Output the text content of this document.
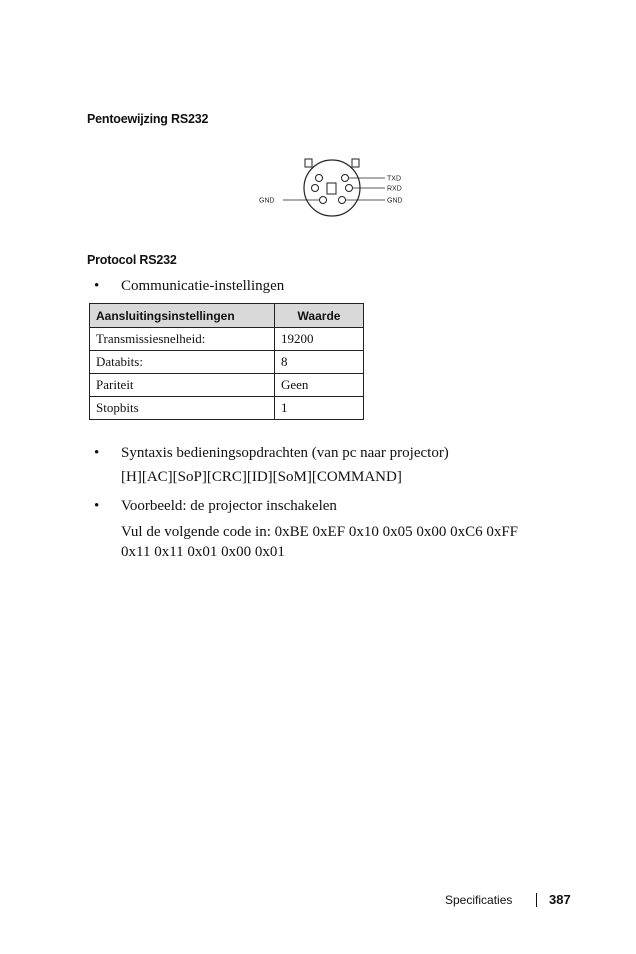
Pentoewijzing RS232
TXD
RXD
GND
GND
Protocol RS232
• Communicatie-instellingen
Aansluitingsinstellingen	Waarde
Transmissiesnelheid:	19200
Databits:	8
Pariteit	Geen
Stopbits	1
• Syntaxis bedieningsopdrachten (van pc naar projector)
[H][AC][SoP][CRC][ID][SoM][COMMAND]
• Voorbeeld: de projector inschakelen
Vul de volgende code in: 0xBE 0xEF 0x10 0x05 0x00 0xC6 0xFF
0x11 0x11 0x01 0x00 0x01
Specificaties	387
